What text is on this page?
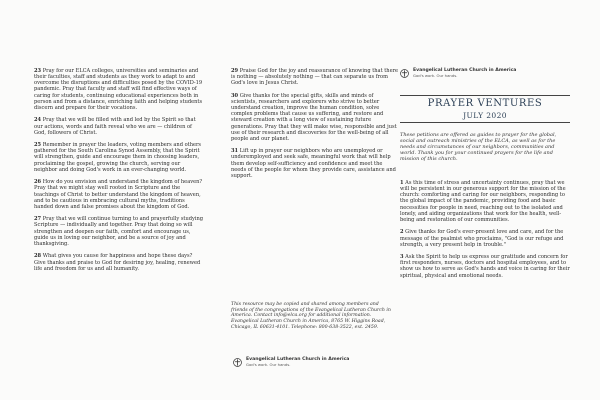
23 Pray for our ELCA colleges, universities and seminaries and their faculties, staff and students as they work to adapt to and overcome the disruptions and difficulties posed by the COVID-19 pandemic. Pray that faculty and staff will find effective ways of caring for students, continuing educational experiences both in person and from a distance, enriching faith and helping students discern and prepare for their vocations.

24 Pray that we will be filled with and led by the Spirit so that our actions, words and faith reveal who we are — children of God, followers of Christ.

25 Remember in prayer the leaders, voting members and others gathered for the South Carolina Synod Assembly, that the Spirit will strengthen, guide and encourage them in choosing leaders, proclaiming the gospel, growing the church, serving our neighbor and doing God's work in an ever-changing world.

26 How do you envision and understand the kingdom of heaven? Pray that we might stay well rooted in Scripture and the teachings of Christ to better understand the kingdom of heaven, and to be cautious in embracing cultural myths, traditions handed down and false promises about the kingdom of God.

27 Pray that we will continue turning to and prayerfully studying Scripture — individually and together. Pray that doing so will strengthen and deepen our faith, comfort and encourage us, guide us in loving our neighbor, and be a source of joy and thanksgiving.

28 What gives you cause for happiness and hope these days? Give thanks and praise to God for desiring joy, healing, renewed life and freedom for us and all humanity.

29 Praise God for the joy and reassurance of knowing that there is nothing — absolutely nothing — that can separate us from God's love in Jesus Christ.

30 Give thanks for the special gifts, skills and minds of scientists, researchers and explorers who strive to better understand creation, improve the human condition, solve complex problems that cause us suffering, and restore and steward creation with a long view of sustaining future generations. Pray that they will make wise, responsible and just use of their research and discoveries for the well-being of all people and our planet.

31 Lift up in prayer our neighbors who are unemployed or underemployed and seek safe, meaningful work that will help them develop self-sufficiency and confidence and meet the needs of the people for whom they provide care, assistance and support.

This resource may be copied and shared among members and friends of the congregations of the Evangelical Lutheran Church in America. Contact info@elca.org for additional information. Evangelical Lutheran Church in America, 8765 W. Higgins Road, Chicago, IL 60631-4101. Telephone: 800-638-3522, ext. 2459.
Evangelical Lutheran Church in America
God's work. Our hands.
Evangelical Lutheran Church in America
God's work. Our hands.
PRAYER VENTURES
JULY 2020
These petitions are offered as guides to prayer for the global, social and outreach ministries of the ELCA, as well as for the needs and circumstances of our neighbors, communities and world. Thank you for your continued prayers for the life and mission of this church.

1 As this time of stress and uncertainty continues, pray that we will be persistent in our generous support for the mission of the church: comforting and caring for our neighbors, responding to the global impact of the pandemic, providing food and basic necessities for people in need, reaching out to the isolated and lonely, and aiding organizations that work for the health, well-being and restoration of our communities.

2 Give thanks for God's ever-present love and care, and for the message of the psalmist who proclaims, "God is our refuge and strength, a very present help in trouble."

3 Ask the Spirit to help us express our gratitude and concern for first responders, nurses, doctors and hospital employees, and to show us how to serve as God's hands and voice in caring for their spiritual, physical and emotional needs.
